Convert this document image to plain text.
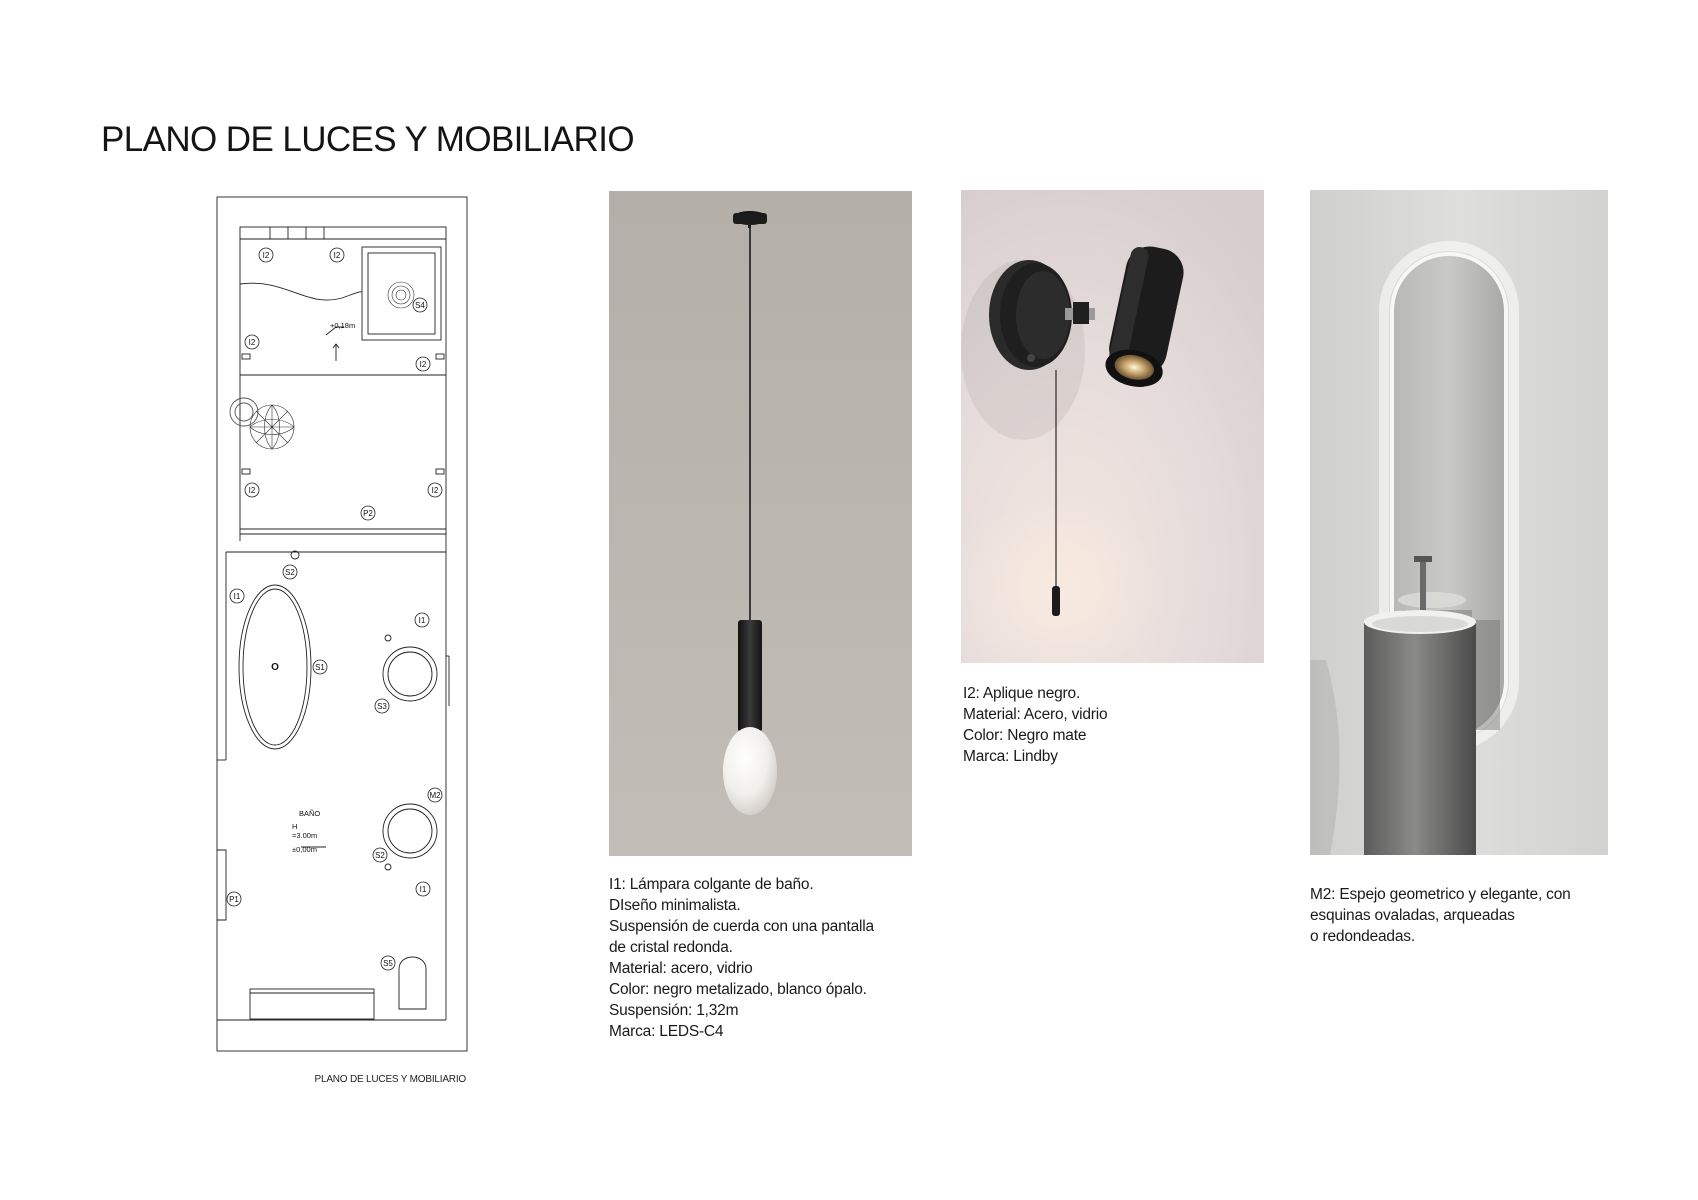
PLANO DE LUCES Y MOBILIARIO
I2	I2
S4
I2
I2
I2	I2
P2
S2
I1
I1
S1
S3
M2
S2
P1
I1
S5
O
+0,18m
BAÑO
H
=3.00m
±0,00m
PLANO DE LUCES Y MOBILIARIO
I1: Lámpara colgante de baño.
DIseño minimalista.
Suspensión de cuerda con una pantalla
de cristal redonda.
Material: acero, vidrio
Color: negro metalizado, blanco ópalo.
Suspensión: 1,32m
Marca: LEDS-C4
I2: Aplique negro.
Material: Acero, vidrio
Color: Negro mate
Marca: Lindby
M2: Espejo geometrico y elegante, con
esquinas ovaladas, arqueadas
o redondeadas.
